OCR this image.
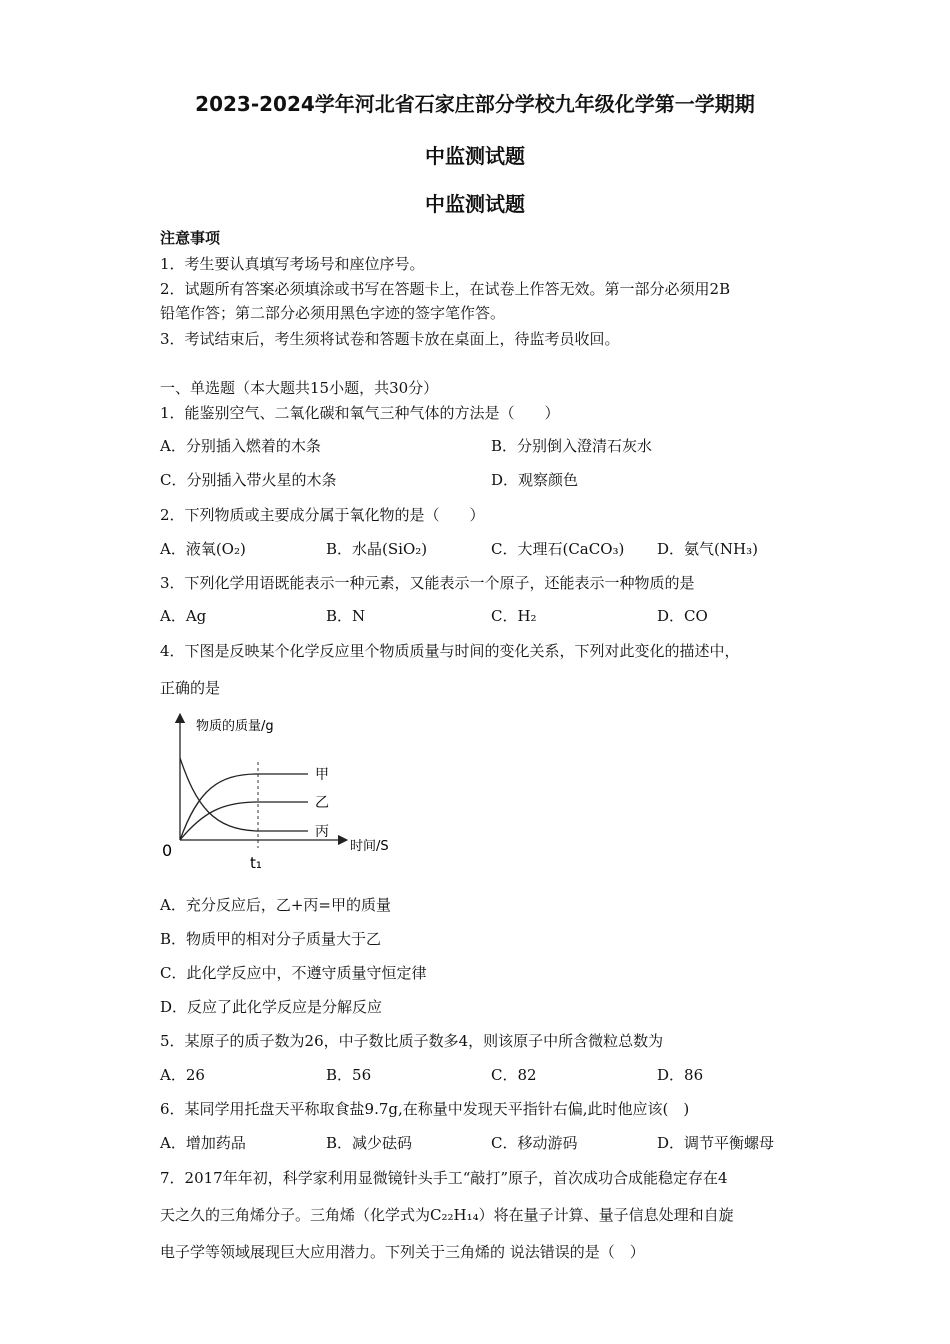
2023-2024学年河北省石家庄部分学校九年级化学第一学期期
中监测试题
中监测试题
注意事项
1．考生要认真填写考场号和座位序号。
2．试题所有答案必须填涂或书写在答题卡上，在试卷上作答无效。第一部分必须用2B
铅笔作答；第二部分必须用黑色字迹的签字笔作答。
3．考试结束后，考生须将试卷和答题卡放在桌面上，待监考员收回。
一、单选题（本大题共15小题，共30分）
1．能鉴别空气、二氧化碳和氧气三种气体的方法是（　　）
A．分别插入燃着的木条	B．分别倒入澄清石灰水
C．分别插入带火星的木条	D．观察颜色
2．下列物质或主要成分属于氧化物的是（　　）
A．液氧(O₂)	B．水晶(SiO₂)	C．大理石(CaCO₃) D．氨气(NH₃)
3．下列化学用语既能表示一种元素，又能表示一个原子，还能表示一种物质的是
A．Ag	B．N	C．H₂	D．CO
4．下图是反映某个化学反应里个物质质量与时间的变化关系，下列对此变化的描述中，
正确的是
物质的质量/g
时间/S
0
t₁
甲
乙
丙
A．充分反应后，乙+丙=甲的质量
B．物质甲的相对分子质量大于乙
C．此化学反应中，不遵守质量守恒定律
D．反应了此化学反应是分解反应
5．某原子的质子数为26，中子数比质子数多4，则该原子中所含微粒总数为
A．26	B．56	C．82	D．86
6．某同学用托盘天平称取食盐9.7g,在称量中发现天平指针右偏,此时他应该(　)
A．增加药品	B．减少砝码	C．移动游码	D．调节平衡螺母
7．2017年年初，科学家利用显微镜针头手工“敲打”原子，首次成功合成能稳定存在4
天之久的三角烯分子。三角烯（化学式为C₂₂H₁₄）将在量子计算、量子信息处理和自旋
电子学等领域展现巨大应用潜力。下列关于三角烯的 说法错误的是（　）
